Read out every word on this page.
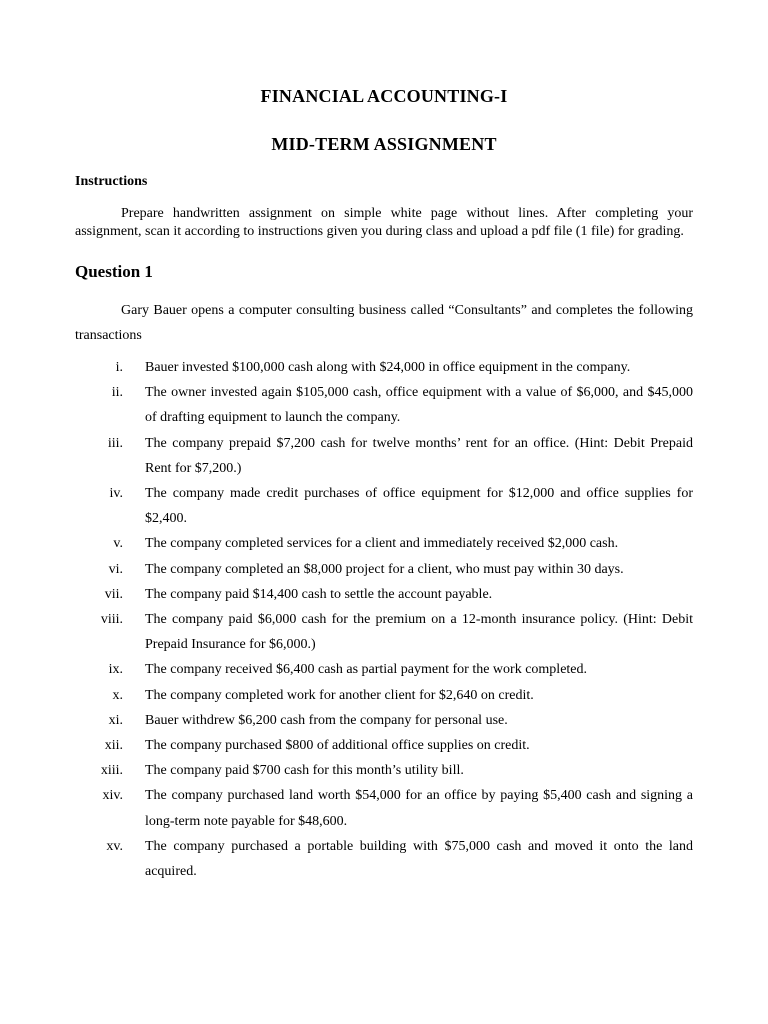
FINANCIAL ACCOUNTING-I
MID-TERM ASSIGNMENT
Instructions
Prepare handwritten assignment on simple white page without lines. After completing your assignment, scan it according to instructions given you during class and upload a pdf file (1 file) for grading.
Question 1
Gary Bauer opens a computer consulting business called “Consultants” and completes the following transactions
i.	Bauer invested $100,000 cash along with $24,000 in office equipment in the company.
ii.	The owner invested again $105,000 cash, office equipment with a value of $6,000, and $45,000 of drafting equipment to launch the company.
iii.	The company prepaid $7,200 cash for twelve months’ rent for an office. (Hint: Debit Prepaid Rent for $7,200.)
iv.	The company made credit purchases of office equipment for $12,000 and office supplies for $2,400.
v.	The company completed services for a client and immediately received $2,000 cash.
vi.	The company completed an $8,000 project for a client, who must pay within 30 days.
vii.	The company paid $14,400 cash to settle the account payable.
viii.	The company paid $6,000 cash for the premium on a 12-month insurance policy. (Hint: Debit Prepaid Insurance for $6,000.)
ix.	The company received $6,400 cash as partial payment for the work completed.
x.	The company completed work for another client for $2,640 on credit.
xi.	Bauer withdrew $6,200 cash from the company for personal use.
xii.	The company purchased $800 of additional office supplies on credit.
xiii.	The company paid $700 cash for this month’s utility bill.
xiv.	The company purchased land worth $54,000 for an office by paying $5,400 cash and signing a long-term note payable for $48,600.
xv.	The company purchased a portable building with $75,000 cash and moved it onto the land acquired.
